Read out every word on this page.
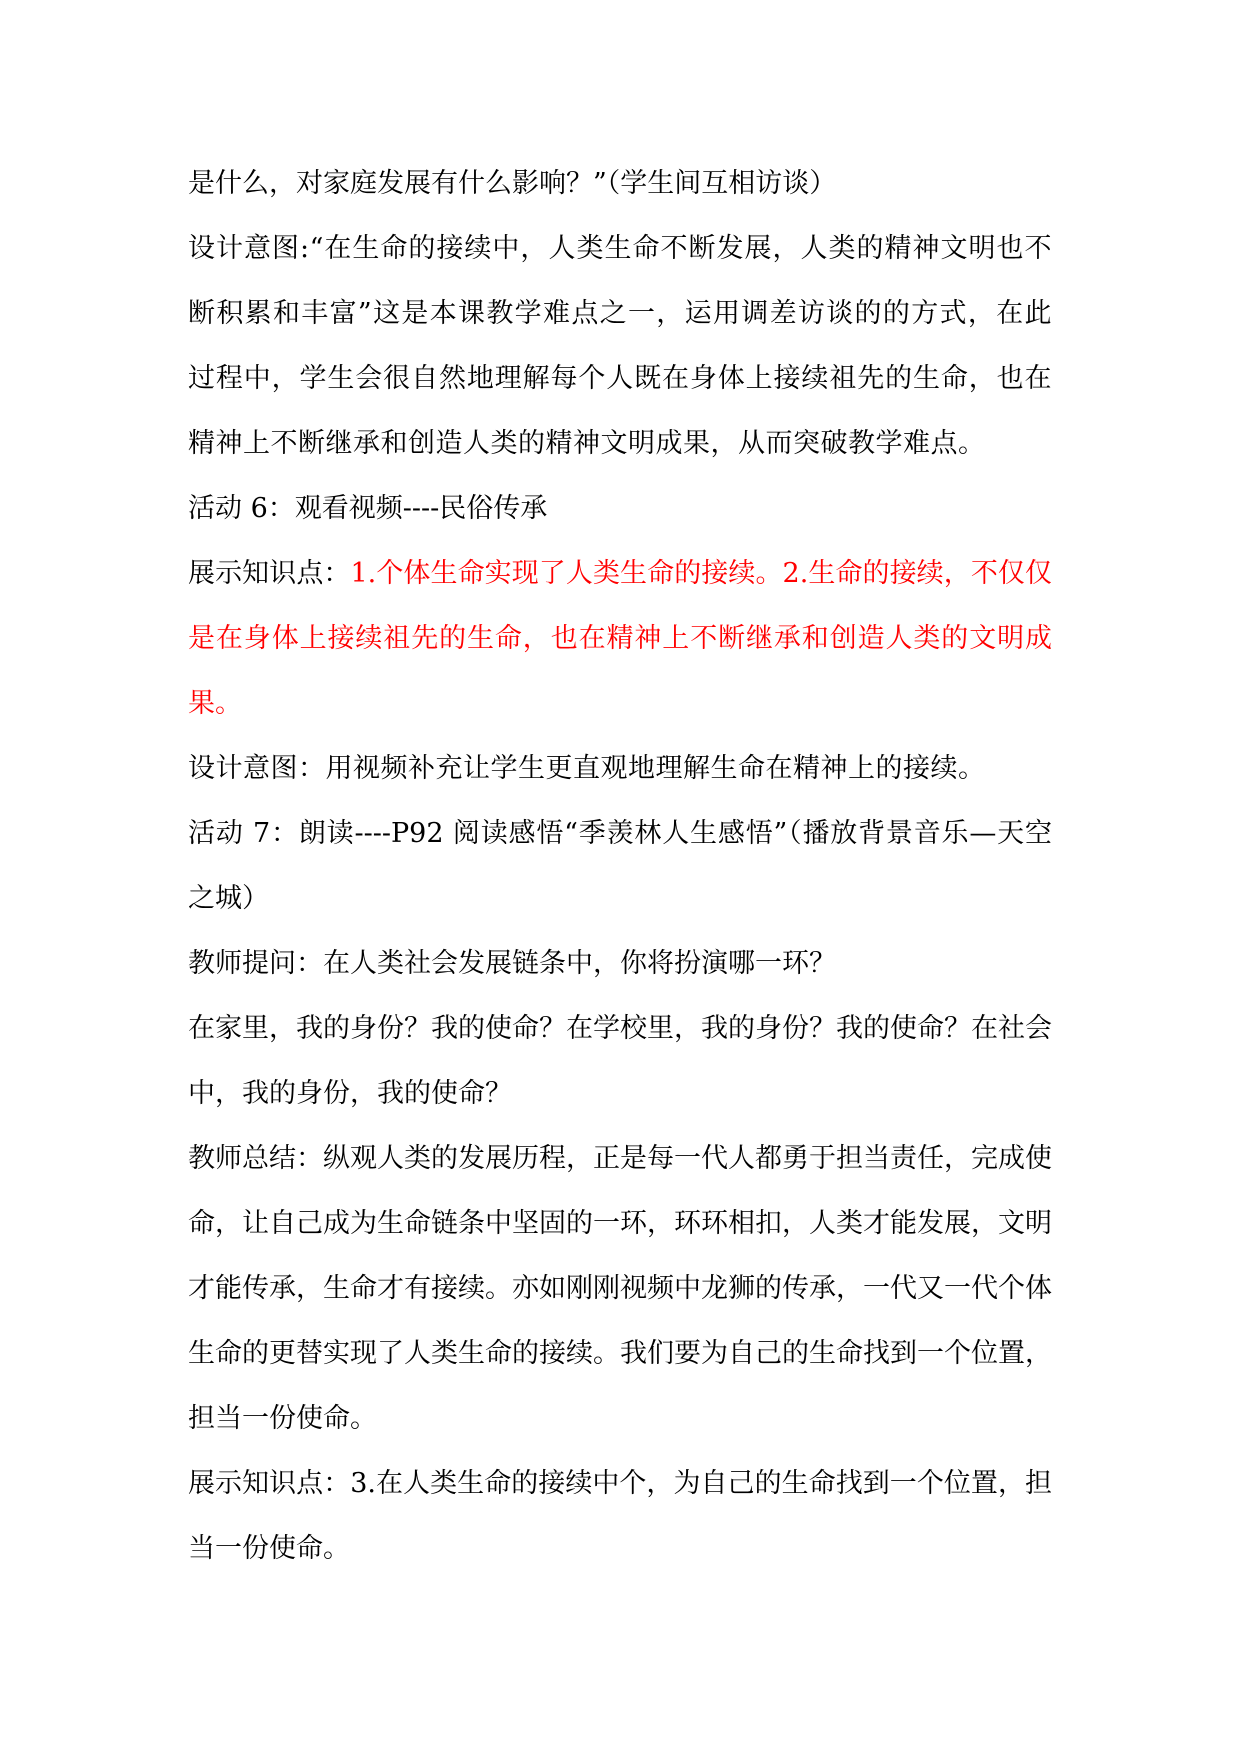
是什么，对家庭发展有什么影响？”（学生间互相访谈）

设计意图:“在生命的接续中，人类生命不断发展，人类的精神文明也不断积累和丰富”这是本课教学难点之一，运用调差访谈的的方式，在此过程中，学生会很自然地理解每个人既在身体上接续祖先的生命，也在精神上不断继承和创造人类的精神文明成果，从而突破教学难点。

活动 6：观看视频----民俗传承

展示知识点：1.个体生命实现了人类生命的接续。2.生命的接续，不仅仅是在身体上接续祖先的生命，也在精神上不断继承和创造人类的文明成果。

设计意图：用视频补充让学生更直观地理解生命在精神上的接续。

活动 7：朗读----P92 阅读感悟“季羡林人生感悟”（播放背景音乐—天空之城）

教师提问：在人类社会发展链条中，你将扮演哪一环？

在家里，我的身份？我的使命？在学校里，我的身份？我的使命？在社会中，我的身份，我的使命？

教师总结：纵观人类的发展历程，正是每一代人都勇于担当责任，完成使命，让自己成为生命链条中坚固的一环，环环相扣，人类才能发展，文明才能传承，生命才有接续。亦如刚刚视频中龙狮的传承，一代又一代个体生命的更替实现了人类生命的接续。我们要为自己的生命找到一个位置，担当一份使命。

展示知识点：3.在人类生命的接续中个，为自己的生命找到一个位置，担当一份使命。
